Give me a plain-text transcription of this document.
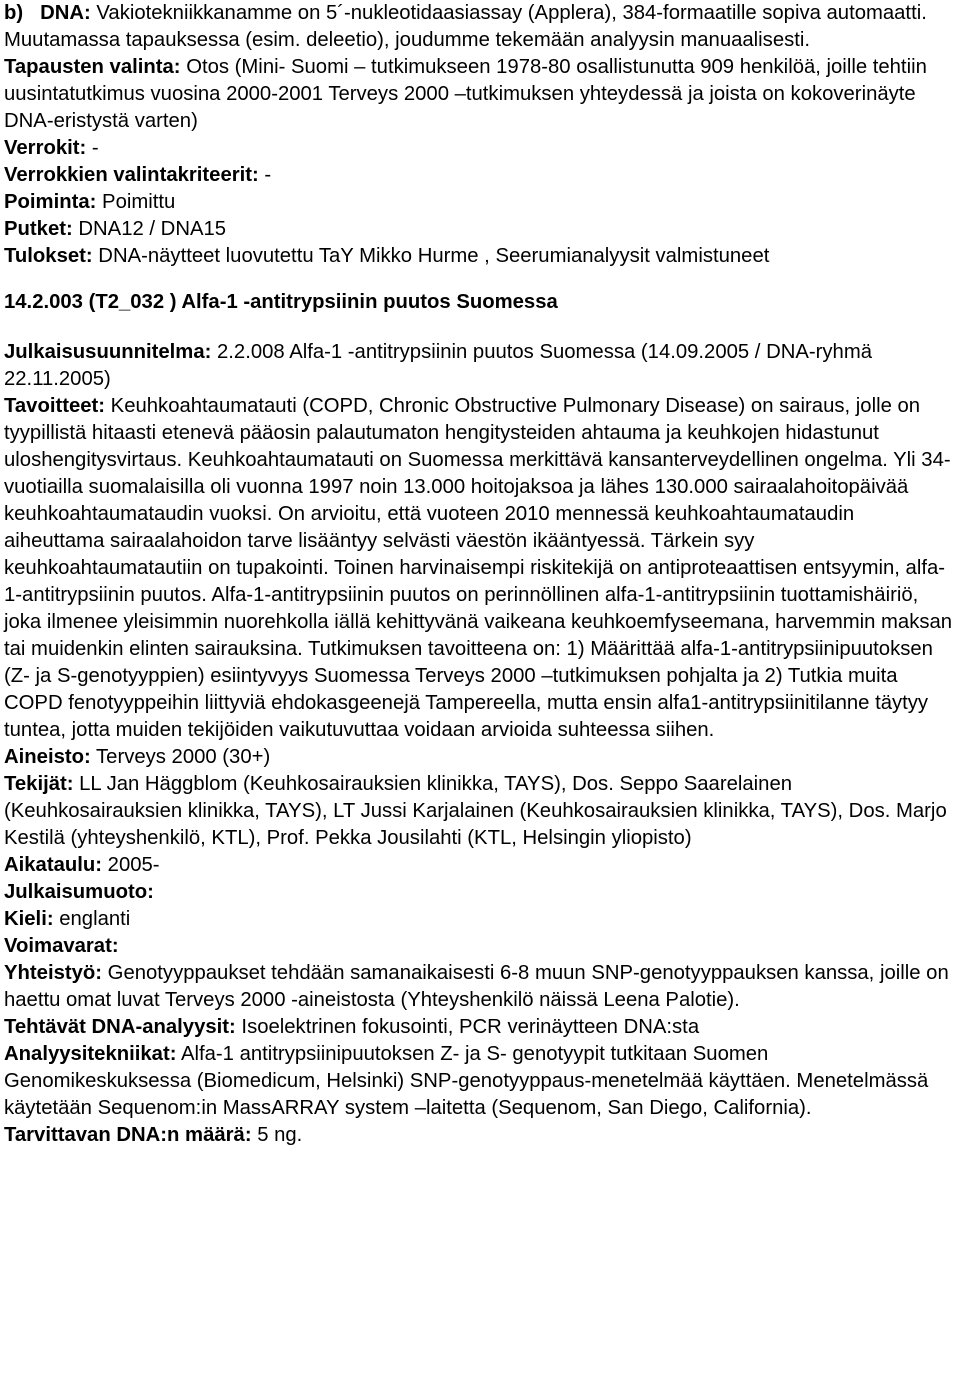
b) DNA: Vakiotekniikkanamme on 5´-nukleotidaasiassay (Applera), 384-formaatille sopiva automaatti. Muutamassa tapauksessa (esim. deleetio), joudumme tekemään analyysin manuaalisesti.

Tapausten valinta: Otos (Mini- Suomi – tutkimukseen 1978-80 osallistunutta 909 henkilöä, joille tehtiin uusintatutkimus vuosina 2000-2001 Terveys 2000 –tutkimuksen yhteydessä ja joista on kokoverinäyte DNA-eristystä varten)

Verrokit: -

Verrokkien valintakriteerit: -

Poiminta: Poimittu

Putket: DNA12 / DNA15

Tulokset: DNA-näytteet luovutettu TaY Mikko Hurme , Seerumianalyysit valmistuneet

14.2.003 (T2_032 ) Alfa-1 -antitrypsiinin puutos Suomessa

Julkaisusuunnitelma: 2.2.008 Alfa-1 -antitrypsiinin puutos Suomessa (14.09.2005 / DNA-ryhmä 22.11.2005)

Tavoitteet: Keuhkoahtaumatauti (COPD, Chronic Obstructive Pulmonary Disease) on sairaus, jolle on tyypillistä hitaasti etenevä pääosin palautumaton hengitysteiden ahtauma ja keuhkojen hidastunut uloshengitysvirtaus. Keuhkoahtaumatauti on Suomessa merkittävä kansanterveydellinen ongelma. Yli 34-vuotiailla suomalaisilla oli vuonna 1997 noin 13.000 hoitojaksoa ja lähes 130.000 sairaalahoitopäivää keuhkoahtaumataudin vuoksi. On arvioitu, että vuoteen 2010 mennessä keuhkoahtaumataudin aiheuttama sairaalahoidon tarve lisääntyy selvästi väestön ikääntyessä. Tärkein syy keuhkoahtaumatautiin on tupakointi. Toinen harvinaisempi riskitekijä on antiproteaattisen entsyymin, alfa-1-antitrypsiinin puutos. Alfa-1-antitrypsiinin puutos on perinnöllinen alfa-1-antitrypsiinin tuottamishäiriö, joka ilmenee yleisimmin nuorehkolla iällä kehittyvänä vaikeana keuhkoemfyseemana, harvemmin maksan tai muidenkin elinten sairauksina. Tutkimuksen tavoitteena on: 1) Määrittää alfa-1-antitrypsiinipuutoksen (Z- ja S-genotyyppien) esiintyvyys Suomessa Terveys 2000 –tutkimuksen pohjalta ja 2) Tutkia muita COPD fenotyyppeihin liittyviä ehdokasgeenejä Tampereella, mutta ensin alfa1-antitrypsiinitilanne täytyy tuntea, jotta muiden tekijöiden vaikutuvuttaa voidaan arvioida suhteessa siihen.

Aineisto: Terveys 2000 (30+)

Tekijät: LL Jan Häggblom (Keuhkosairauksien klinikka, TAYS), Dos. Seppo Saarelainen (Keuhkosairauksien klinikka, TAYS), LT Jussi Karjalainen (Keuhkosairauksien klinikka, TAYS), Dos. Marjo Kestilä (yhteyshenkilö, KTL), Prof. Pekka Jousilahti (KTL, Helsingin yliopisto)

Aikataulu: 2005-

Julkaisumuoto:

Kieli: englanti

Voimavarat:

Yhteistyö: Genotyyppaukset tehdään samanaikaisesti 6-8 muun SNP-genotyyppauksen kanssa, joille on haettu omat luvat Terveys 2000 -aineistosta (Yhteyshenkilö näissä Leena Palotie).

Tehtävät DNA-analyysit: Isoelektrinen fokusointi, PCR verinäytteen DNA:sta

Analyysitekniikat: Alfa-1 antitrypsiinipuutoksen Z- ja S- genotyypit tutkitaan Suomen Genomikeskuksessa (Biomedicum, Helsinki) SNP-genotyyppaus-menetelmää käyttäen. Menetelmässä käytetään Sequenom:in MassARRAY system –laitetta (Sequenom, San Diego, California).

Tarvittavan DNA:n määrä: 5 ng.
